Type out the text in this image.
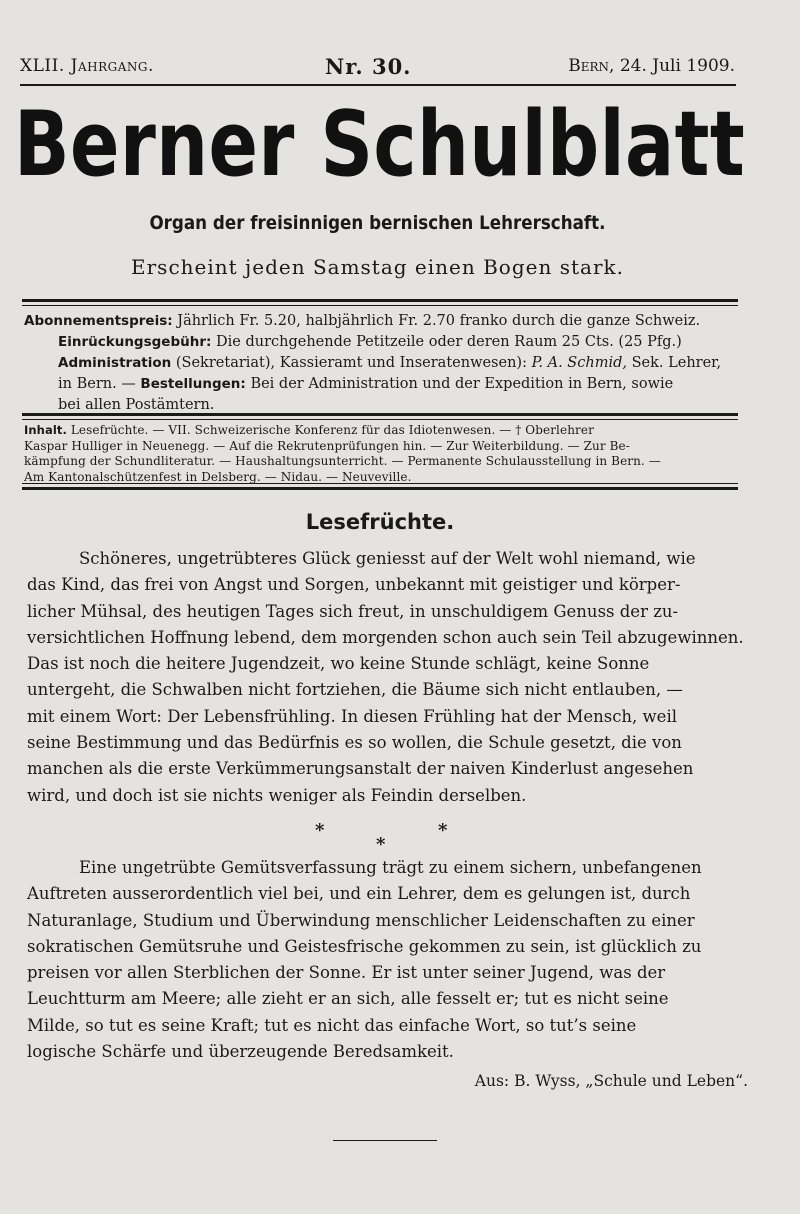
XLII. Jahrgang.	Nr. 30.	Bern, 24. Juli 1909.
Berner Schulblatt
Organ der freisinnigen bernischen Lehrerschaft.
Erscheint jeden Samstag einen Bogen stark.
Abonnementspreis: Jährlich Fr. 5.20, halbjährlich Fr. 2.70 franko durch die ganze Schweiz.
Einrückungsgebühr: Die durchgehende Petitzeile oder deren Raum 25 Cts. (25 Pfg.)
Administration (Sekretariat), Kassieramt und Inseratenwesen): P. A. Schmid, Sek. Lehrer,
in Bern. — Bestellungen: Bei der Administration und der Expedition in Bern, sowie
bei allen Postämtern.
Inhalt. Lesefrüchte. — VII. Schweizerische Konferenz für das Idiotenwesen. — † Oberlehrer
Kaspar Hulliger in Neuenegg. — Auf die Rekrutenprüfungen hin. — Zur Weiterbildung. — Zur Be-
kämpfung der Schundliteratur. — Haushaltungsunterricht. — Permanente Schulausstellung in Bern. —
Am Kantonalschützenfest in Delsberg. — Nidau. — Neuveville.
Lesefrüchte.
Schöneres, ungetrübteres Glück geniesst auf der Welt wohl niemand, wie
das Kind, das frei von Angst und Sorgen, unbekannt mit geistiger und körper-
licher Mühsal, des heutigen Tages sich freut, in unschuldigem Genuss der zu-
versichtlichen Hoffnung lebend, dem morgenden schon auch sein Teil abzugewinnen.
Das ist noch die heitere Jugendzeit, wo keine Stunde schlägt, keine Sonne
untergeht, die Schwalben nicht fortziehen, die Bäume sich nicht entlauben, —
mit einem Wort: Der Lebensfrühling. In diesen Frühling hat der Mensch, weil
seine Bestimmung und das Bedürfnis es so wollen, die Schule gesetzt, die von
manchen als die erste Verkümmerungsanstalt der naiven Kinderlust angesehen
wird, und doch ist sie nichts weniger als Feindin derselben.
*	*
*
Eine ungetrübte Gemütsverfassung trägt zu einem sichern, unbefangenen
Auftreten ausserordentlich viel bei, und ein Lehrer, dem es gelungen ist, durch
Naturanlage, Studium und Überwindung menschlicher Leidenschaften zu einer
sokratischen Gemütsruhe und Geistesfrische gekommen zu sein, ist glücklich zu
preisen vor allen Sterblichen der Sonne. Er ist unter seiner Jugend, was der
Leuchtturm am Meere; alle zieht er an sich, alle fesselt er; tut es nicht seine
Milde, so tut es seine Kraft; tut es nicht das einfache Wort, so tut’s seine
logische Schärfe und überzeugende Beredsamkeit.
Aus: B. Wyss, „Schule und Leben“.
